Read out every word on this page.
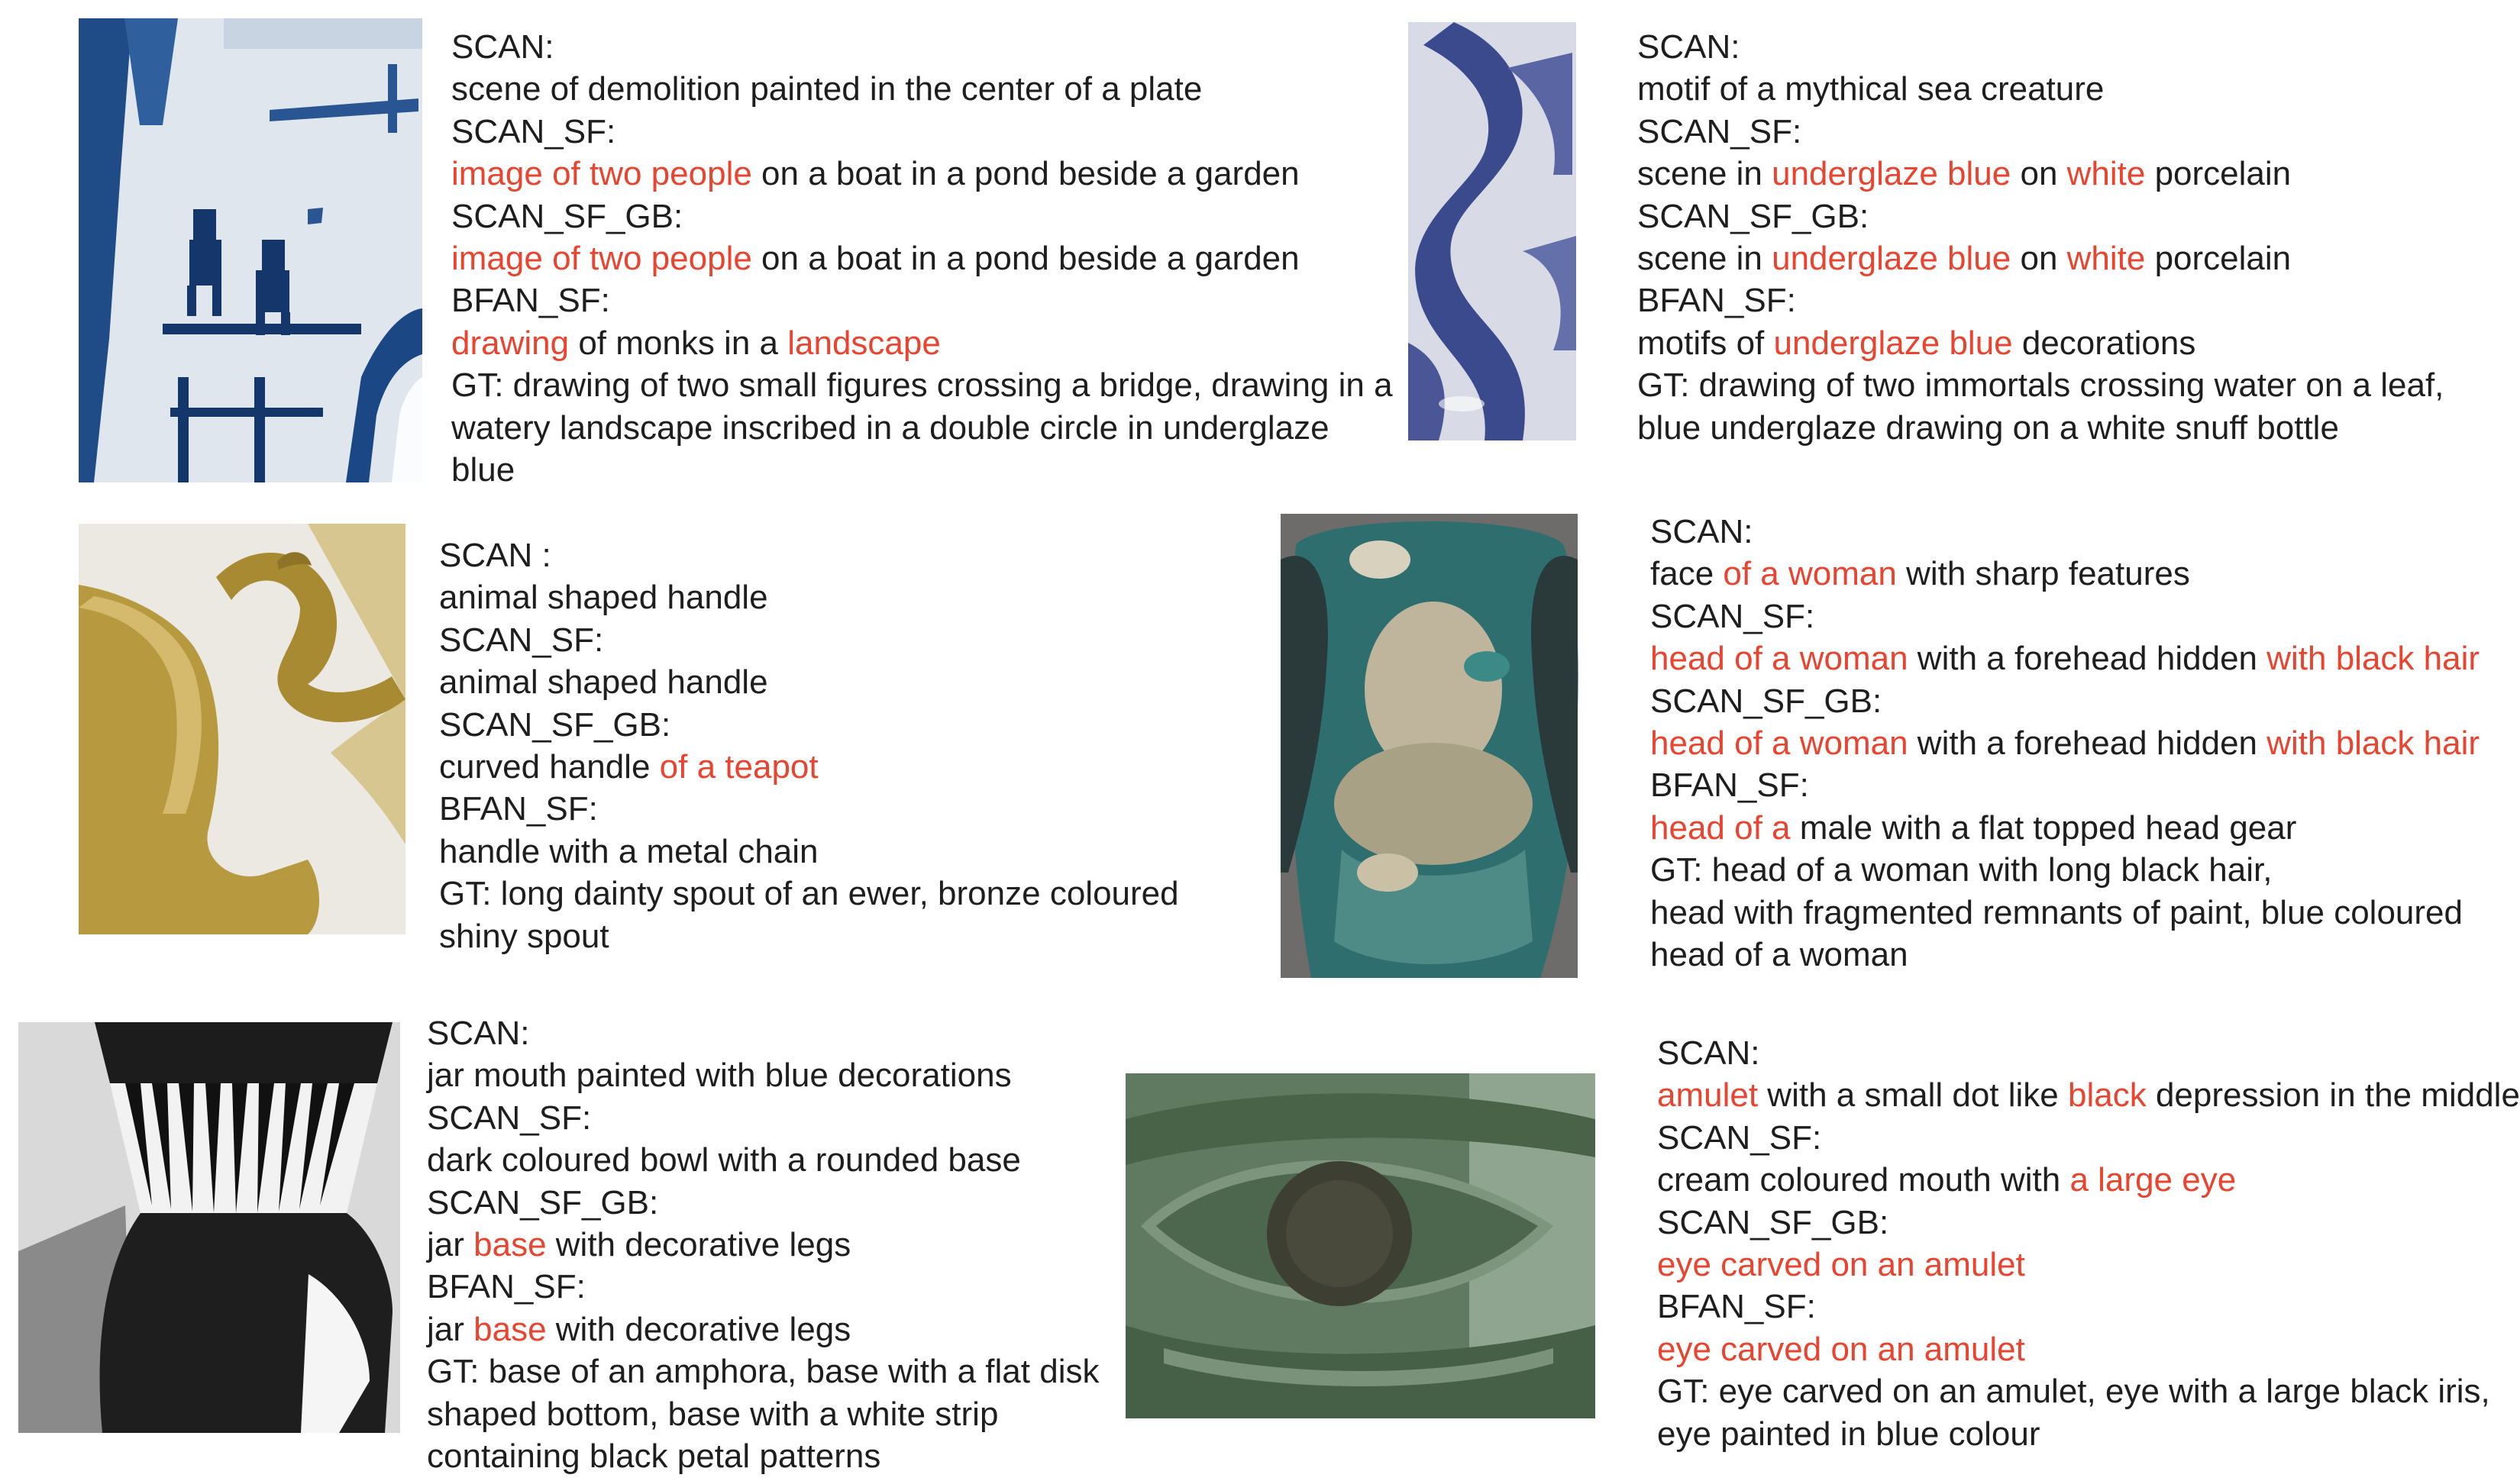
SCAN:
scene of demolition painted in the center of a plate
SCAN_SF:
image of two people on a boat in a pond beside a garden
SCAN_SF_GB:
image of two people on a boat in a pond beside a garden
BFAN_SF:
drawing of monks in a landscape
GT: drawing of two small figures crossing a bridge, drawing in a
watery landscape inscribed in a double circle in underglaze
blue
SCAN:
motif of a mythical sea creature
SCAN_SF:
scene in underglaze blue on white porcelain
SCAN_SF_GB:
scene in underglaze blue on white porcelain
BFAN_SF:
motifs of underglaze blue decorations
GT: drawing of two immortals crossing water on a leaf,
blue underglaze drawing on a white snuff bottle
SCAN :
animal shaped handle
SCAN_SF:
animal shaped handle
SCAN_SF_GB:
curved handle of a teapot
BFAN_SF:
handle with a metal chain
GT: long dainty spout of an ewer, bronze coloured
shiny spout
SCAN:
face of a woman with sharp features
SCAN_SF:
head of a woman with a forehead hidden with black hair
SCAN_SF_GB:
head of a woman with a forehead hidden with black hair
BFAN_SF:
head of a male with a flat topped head gear
GT: head of a woman with long black hair,
head with fragmented remnants of paint, blue coloured
head of a woman
SCAN:
jar mouth painted with blue decorations
SCAN_SF:
dark coloured bowl with a rounded base
SCAN_SF_GB:
jar base with decorative legs
BFAN_SF:
jar base with decorative legs
GT: base of an amphora, base with a flat disk
shaped bottom, base with a white strip
containing black petal patterns
SCAN:
amulet with a small dot like black depression in the middle
SCAN_SF:
cream coloured mouth with a large eye
SCAN_SF_GB:
eye carved on an amulet
BFAN_SF:
eye carved on an amulet
GT: eye carved on an amulet, eye with a large black iris,
eye painted in blue colour
